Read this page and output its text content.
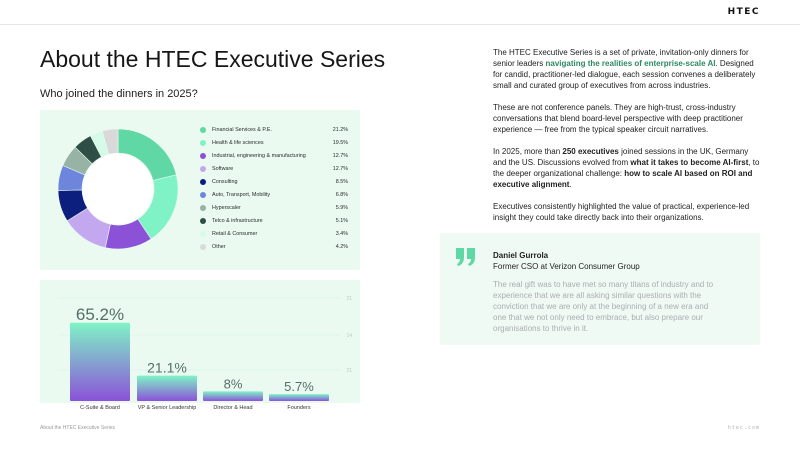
HTEC
About the HTEC Executive Series
Who joined the dinners in 2025?
Financial Services & P.E.	21.2%
Health & life sciences	19.5%
Industrial, engineering & manufacturing	12.7%
Software	12.7%
Consulting	8.5%
Auto, Transport, Mobility	6.8%
Hyperscaler	5.9%
Telco & infrastructure	5.1%
Retail & Consumer	3.4%
Other	4.2%
21
14
21
65.2%
21.1%
8%	5.7%

The HTEC Executive Series is a set of private, invitation-only dinners for senior leaders navigating the realities of enterprise-scale AI. Designed for candid, practitioner-led dialogue, each session convenes a deliberately small and curated group of executives from across industries.

These are not conference panels. They are high-trust, cross-industry conversations that blend board-level perspective with deep practitioner experience — free from the typical speaker circuit narratives.

In 2025, more than 250 executives joined sessions in the UK, Germany and the US. Discussions evolved from what it takes to become AI-first, to the deeper organizational challenge: how to scale AI based on ROI and executive alignment.

Executives consistently highlighted the value of practical, experience-led insight they could take directly back into their organizations.

Daniel Gurrola
Former CSO at Verizon Consumer Group
The real gift was to have met so many titans of industry and to experience that we are all asking similar questions with the conviction that we are only at the beginning of a new era and one that we not only need to embrace, but also prepare our organisations to thrive in it.
About the HTEC Executive Series	htec.com
C-Suite & Board	VP & Senior Leadership	Director & Head	Founders
